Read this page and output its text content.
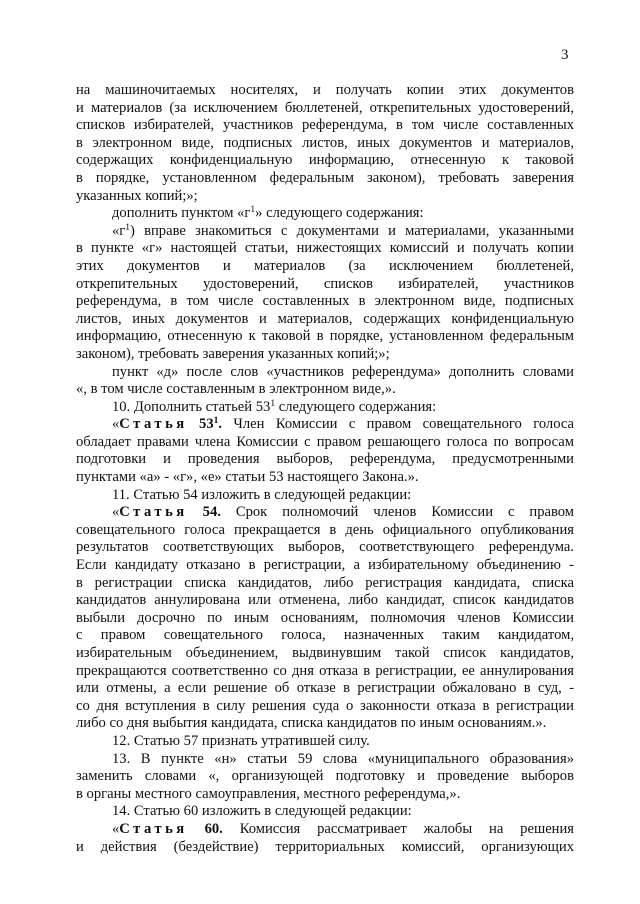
3
на машиночитаемых носителях, и получать копии этих документов
и материалов (за исключением бюллетеней, открепительных удостоверений,
списков избирателей, участников референдума, в том числе составленных
в электронном виде, подписных листов, иных документов и материалов,
содержащих конфиденциальную информацию, отнесенную к таковой
в порядке, установленном федеральным законом), требовать заверения
указанных копий;»;
дополнить пунктом «$г^1$» следующего содержания:
«$г^1$) вправе знакомиться с документами и материалами, указанными
в пункте «г» настоящей статьи, нижестоящих комиссий и получать копии
этих документов и материалов (за исключением бюллетеней,
открепительных удостоверений, списков избирателей, участников
референдума, в том числе составленных в электронном виде, подписных
листов, иных документов и материалов, содержащих конфиденциальную
информацию, отнесенную к таковой в порядке, установленном федеральным
законом), требовать заверения указанных копий;»;
пункт «д» после слов «участников референдума» дополнить словами
«, в том числе составленным в электронном виде,».
10. Дополнить статьей $53^1$ следующего содержания:
«Статья $53^1$. Член Комиссии с правом совещательного голоса
обладает правами члена Комиссии с правом решающего голоса по вопросам
подготовки и проведения выборов, референдума, предусмотренными
пунктами «а» - «г», «е» статьи 53 настоящего Закона.».
11. Статью 54 изложить в следующей редакции:
«Статья 54. Срок полномочий членов Комиссии с правом
совещательного голоса прекращается в день официального опубликования
результатов соответствующих выборов, соответствующего референдума.
Если кандидату отказано в регистрации, а избирательному объединению -
в регистрации списка кандидатов, либо регистрация кандидата, списка
кандидатов аннулирована или отменена, либо кандидат, список кандидатов
выбыли досрочно по иным основаниям, полномочия членов Комиссии
с правом совещательного голоса, назначенных таким кандидатом,
избирательным объединением, выдвинувшим такой список кандидатов,
прекращаются соответственно со дня отказа в регистрации, ее аннулирования
или отмены, а если решение об отказе в регистрации обжаловано в суд, -
со дня вступления в силу решения суда о законности отказа в регистрации
либо со дня выбытия кандидата, списка кандидатов по иным основаниям.».
12. Статью 57 признать утратившей силу.
13. В пункте «н» статьи 59 слова «муниципального образования»
заменить словами «, организующей подготовку и проведение выборов
в органы местного самоуправления, местного референдума,».
14. Статью 60 изложить в следующей редакции:
«Статья 60. Комиссия рассматривает жалобы на решения
и действия (бездействие) территориальных комиссий, организующих
